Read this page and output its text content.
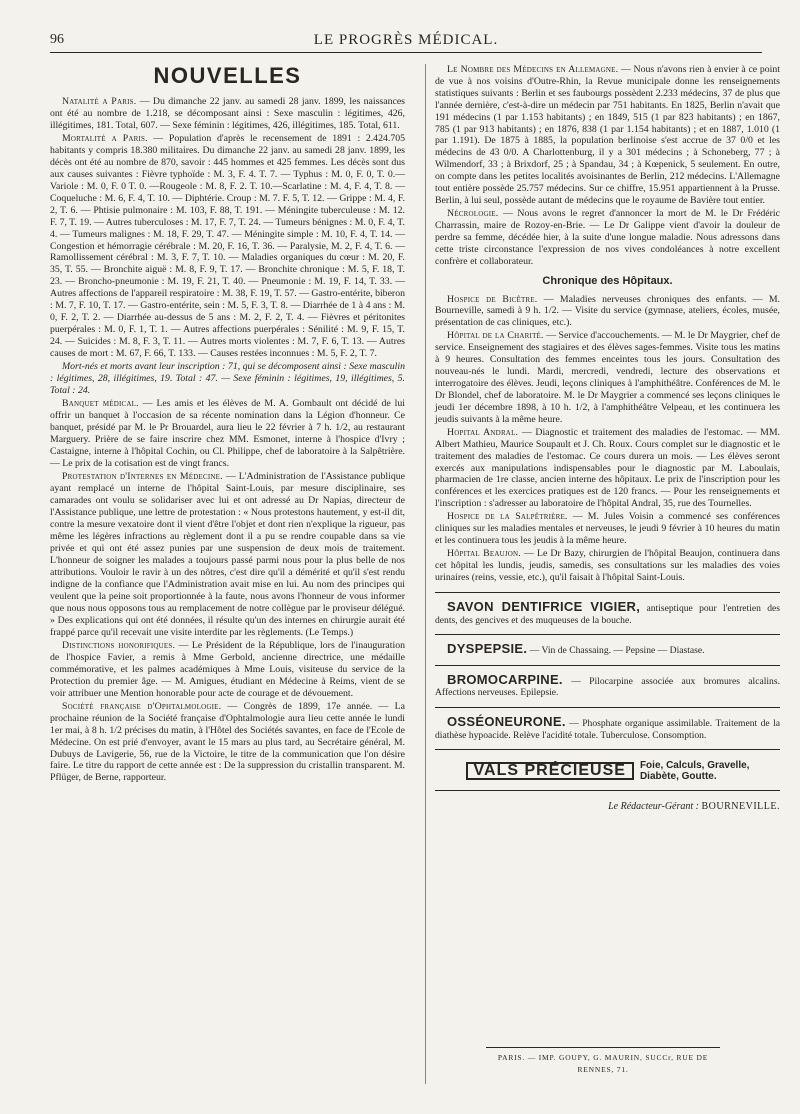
96	LE PROGRÈS MÉDICAL.
NOUVELLES

Natalité a Paris. — Du dimanche 22 janv. au samedi 28 janv. 1899, les naissances ont été au nombre de 1.218, se décomposant ainsi : Sexe masculin : légitimes, 426, illégitimes, 181. Total, 607. — Sexe féminin : légitimes, 426, illégitimes, 185. Total, 611.

Mortalité a Paris. — Population d'après le recensement de 1891 : 2.424.705 habitants y compris 18.380 militaires. Du dimanche 22 janv. au samedi 28 janv. 1899, les décès ont été au nombre de 870, savoir : 445 hommes et 425 femmes. Les décès sont dus aux causes suivantes : Fièvre typhoïde : M. 3, F. 4. T. 7. — Typhus : M. 0, F. 0, T. 0.—Variole : M. 0, F. 0 T. 0. —Rougeole : M. 8, F. 2. T. 10.—Scarlatine : M. 4, F. 4, T. 8. — Coqueluche : M. 6, F. 4, T. 10. — Diphtérie. Croup : M. 7. F. 5, T. 12. — Grippe : M. 4, F. 2, T. 6. — Phtisie pulmonaire : M. 103, F. 88, T. 191. — Méningite tuberculeuse : M. 12. F. 7, T. 19. — Autres tuberculoses : M. 17, F. 7, T. 24. — Tumeurs bénignes : M. 0, F. 4, T. 4. — Tumeurs malignes : M. 18, F. 29, T. 47. — Méningite simple : M. 10, F. 4, T. 14. — Congestion et hémorragie cérébrale : M. 20, F. 16, T. 36. — Paralysie, M. 2, F. 4, T. 6. — Ramollissement cérébral : M. 3, F. 7, T. 10. — Maladies organiques du cœur : M. 20, F. 35, T. 55. — Bronchite aiguë : M. 8, F. 9, T. 17. — Bronchite chronique : M. 5, F. 18, T. 23. — Broncho-pneumonie : M. 19, F. 21, T. 40. — Pneumonie : M. 19, F. 14, T. 33. — Autres affections de l'appareil respiratoire : M. 38, F. 19, T. 57. — Gastro-entérite, biberon : M. 7, F. 10, T. 17. — Gastro-entérite, sein : M. 5, F. 3, T. 8. — Diarrhée de 1 à 4 ans : M. 0, F. 2, T. 2. — Diarrhée au-dessus de 5 ans : M. 2, F. 2, T. 4. — Fièvres et péritonites puerpérales : M. 0, F. 1, T. 1. — Autres affections puerpérales : Sénilité : M. 9, F. 15, T. 24. — Suicides : M. 8, F. 3, T. 11. — Autres morts violentes : M. 7, F. 6, T. 13. — Autres causes de mort : M. 67, F. 66, T. 133. — Causes restées inconnues : M. 5, F. 2, T. 7.

Mort-nés et morts avant leur inscription : 71, qui se décomposent ainsi : Sexe masculin : légitimes, 28, illégitimes, 19. Total : 47. — Sexe féminin : légitimes, 19, illégitimes, 5. Total : 24.

Banquet médical. — Les amis et les élèves de M. A. Gombault ont décidé de lui offrir un banquet à l'occasion de sa récente nomination dans la Légion d'honneur. Ce banquet, présidé par M. le Pr Brouardel, aura lieu le 22 février à 7 h. 1/2, au restaurant Marguery. Prière de se faire inscrire chez MM. Esmonet, interne à l'hospice d'Ivry ; Castaigne, interne à l'hôpital Cochin, ou Cl. Philippe, chef de laboratoire à la Salpêtrière. — Le prix de la cotisation est de vingt francs.

Protestation d'Internes en Médecine. — L'Administration de l'Assistance publique ayant remplacé un interne de l'hôpital Saint-Louis, par mesure disciplinaire, ses camarades ont voulu se solidariser avec lui et ont adressé au Dr Napias, directeur de l'Assistance publique, une lettre de protestation : « Nous protestons hautement, y est-il dit, contre la mesure vexatoire dont il vient d'être l'objet et dont rien n'explique la rigueur, pas même les légères infractions au règlement dont il a pu se rendre coupable dans sa vie privée et qui ont été assez punies par une suspension de deux mois de traitement. L'honneur de soigner les malades a toujours passé parmi nous pour la plus belle de nos attributions. Vouloir le ravir à un des nôtres, c'est dire qu'il a démérité et qu'il s'est rendu indigne de la confiance que l'Administration avait mise en lui. Au nom des principes qui veulent que la peine soit proportionnée à la faute, nous avons l'honneur de vous informer que nous nous opposons tous au remplacement de notre collègue par le proviseur délégué. » Des explications qui ont été données, il résulte qu'un des internes en chirurgie aurait été frappé parce qu'il recevait une visite interdite par les règlements. (Le Temps.)

Distinctions honorifiques. — Le Président de la République, lors de l'inauguration de l'hospice Favier, a remis à Mme Gerbold, ancienne directrice, une médaille commémorative, et les palmes académiques à Mme Louis, visiteuse du service de la Protection du premier âge. — M. Amigues, étudiant en Médecine à Reims, vient de se voir attribuer une Mention honorable pour acte de courage et de dévouement.

Société française d'Ophtalmologie. — Congrès de 1899, 17e année. — La prochaine réunion de la Société française d'Ophtalmologie aura lieu cette année le lundi 1er mai, à 8 h. 1/2 précises du matin, à l'Hôtel des Sociétés savantes, en face de l'Ecole de Médecine. On est prié d'envoyer, avant le 15 mars au plus tard, au Secrétaire général, M. Dubuys de Lavigerie, 56, rue de la Victoire, le titre de la communication que l'on désire faire. Le titre du rapport de cette année est : De la suppression du cristallin transparent. M. Pflüger, de Berne, rapporteur.

Le Nombre des Médecins en Allemagne. — Nous n'avons rien à envier à ce point de vue à nos voisins d'Outre-Rhin, la Revue municipale donne les renseignements statistiques suivants : Berlin et ses faubourgs possèdent 2.233 médecins, 37 de plus que l'année dernière, c'est-à-dire un médecin par 751 habitants. En 1825, Berlin n'avait que 191 médecins (1 par 1.153 habitants) ; en 1849, 515 (1 par 823 habitants) ; en 1867, 785 (1 par 913 habitants) ; en 1876, 838 (1 par 1.154 habitants) ; et en 1887, 1.010 (1 par 1.191). De 1875 à 1885, la population berlinoise s'est accrue de 37 0/0 et les médecins de 43 0/0. A Charlottenburg, il y a 301 médecins ; à Schoneberg, 77 ; à Wilmendorf, 33 ; à Brixdorf, 25 ; à Spandau, 34 ; à Kœpenick, 5 seulement. En outre, on compte dans les petites localités avoisinantes de Berlin, 212 médecins. L'Allemagne tout entière possède 25.757 médecins. Sur ce chiffre, 15.951 appartiennent à la Prusse. Berlin, à lui seul, possède autant de médecins que le royaume de Bavière tout entier.

Nécrologie. — Nous avons le regret d'annoncer la mort de M. le Dr Frédéric Charrassin, maire de Rozoy-en-Brie. — Le Dr Galippe vient d'avoir la douleur de perdre sa femme, décédée hier, à la suite d'une longue maladie. Nous adressons dans cette triste circonstance l'expression de nos vives condoléances à notre excellent confrère et collaborateur.

Chronique des Hôpitaux.

Hospice de Bicêtre. — Maladies nerveuses chroniques des enfants. — M. Bourneville, samedi à 9 h. 1/2. — Visite du service (gymnase, ateliers, écoles, musée, présentation de cas cliniques, etc.).

Hôpital de la Charité. — Service d'accouchements. — M. le Dr Maygrier, chef de service. Enseignement des stagiaires et des élèves sages-femmes. Visite tous les matins à 9 heures. Consultation des femmes enceintes tous les jours. Consultation des nouveau-nés le lundi. Mardi, mercredi, vendredi, lecture des observations et interrogatoire des élèves. Jeudi, leçons cliniques à l'amphithéâtre. Conférences de M. le Dr Blondel, chef de laboratoire. M. le Dr Maygrier a commencé ses leçons cliniques le jeudi 1er décembre 1898, à 10 h. 1/2, à l'amphithéâtre Velpeau, et les continuera les jeudis suivants à la même heure.

Hopital Andral. — Diagnostic et traitement des maladies de l'estomac. — MM. Albert Mathieu, Maurice Soupault et J. Ch. Roux. Cours complet sur le diagnostic et le traitement des maladies de l'estomac. Ce cours durera un mois. — Les élèves seront exercés aux manipulations indispensables pour le diagnostic par M. Laboulais, pharmacien de 1re classe, ancien interne des hôpitaux. Le prix de l'inscription pour les conférences et les exercices pratiques est de 120 francs. — Pour les renseignements et l'inscription : s'adresser au laboratoire de l'hôpital Andral, 35, rue des Tournelles.

Hospice de la Salpêtrière. — M. Jules Voisin a commencé ses conférences cliniques sur les maladies mentales et nerveuses, le jeudi 9 février à 10 heures du matin et les continuera tous les jeudis à la même heure.

Hôpital Beaujon. — Le Dr Bazy, chirurgien de l'hôpital Beaujon, continuera dans cet hôpital les lundis, jeudis, samedis, ses consultations sur les maladies des voies urinaires (reins, vessie, etc.), qu'il faisait à l'hôpital Saint-Louis.

SAVON DENTIFRICE VIGIER, antiseptique pour l'entretien des dents, des gencives et des muqueuses de la bouche.

DYSPEPSIE. — Vin de Chassaing. — Pepsine — Diastase.

BROMOCARPINE. — Pilocarpine associée aux bromures alcalins. Affections nerveuses. Epilepsie.

OSSÉONEURONE. — Phosphate organique assimilable. Traitement de la diathèse hypoacide. Relève l'acidité totale. Tuberculose. Consomption.

VALS PRÉCIEUSE	Foie, Calculs, Gravelle,
Diabète, Goutte.

Le Rédacteur-Gérant : BOURNEVILLE.

PARIS. — IMP. GOUPY, G. MAURIN, SUCCr, RUE DE RENNES, 71.
